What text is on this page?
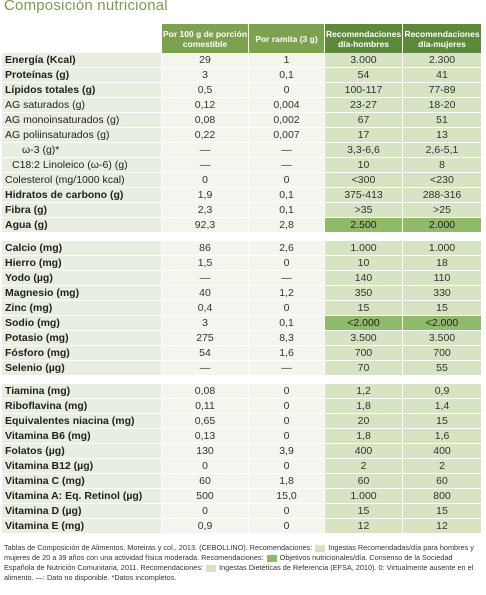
Composición nutricional
	Por 100 g de porción comestible	Por ramita (3 g)	Recomendaciones día-hombres	Recomendaciones día-mujeres
Energía (Kcal)	29	1	3.000	2.300
Proteínas (g)	3	0,1	54	41
Lípidos totales (g)	0,5	0	100-117	77-89
AG saturados (g)	0,12	0,004	23-27	18-20
AG monoinsaturados (g)	0,08	0,002	67	51
AG poliinsaturados (g)	0,22	0,007	17	13
ω-3 (g)*	—	—	3,3-6,6	2,6-5,1
C18:2 Linoleico (ω-6) (g)	—	—	10	8
Colesterol (mg/1000 kcal)	0	0	<300	<230
Hidratos de carbono (g)	1,9	0,1	375-413	288-316
Fibra (g)	2,3	0,1	>35	>25
Agua (g)	92,3	2,8	2.500	2.000

Calcio (mg)	86	2,6	1.000	1.000
Hierro (mg)	1,5	0	10	18
Yodo (µg)	—	—	140	110
Magnesio (mg)	40	1,2	350	330
Zinc (mg)	0,4	0	15	15
Sodio (mg)	3	0,1	<2.000	<2.000
Potasio (mg)	275	8,3	3.500	3.500
Fósforo (mg)	54	1,6	700	700
Selenio (µg)	—	—	70	55

Tiamina (mg)	0,08	0	1,2	0,9
Riboflavina (mg)	0,11	0	1,8	1,4
Equivalentes niacina (mg)	0,65	0	20	15
Vitamina B6 (mg)	0,13	0	1,8	1,6
Folatos (µg)	130	3,9	400	400
Vitamina B12 (µg)	0	0	2	2
Vitamina C (mg)	60	1,8	60	60
Vitamina A: Eq. Retinol (µg)	500	15,0	1.000	800
Vitamina D (µg)	0	0	15	15
Vitamina E (mg)	0,9	0	12	12
Tablas de Composición de Alimentos. Moreiras y col., 2013. (CEBOLLINO). Recomendaciones: Ingestas Recomendadas/día para hombres y mujeres de 20 a 39 años con una actividad física moderada. Recomendaciones: Objetivos nutricionales/día. Consenso de la Sociedad Española de Nutrición Comunitaria, 2011. Recomendaciones: Ingestas Dietéticas de Referencia (EFSA, 2010). 0: Virtualmente ausente en el alimento. —: Dato no disponible. *Datos incompletos.
